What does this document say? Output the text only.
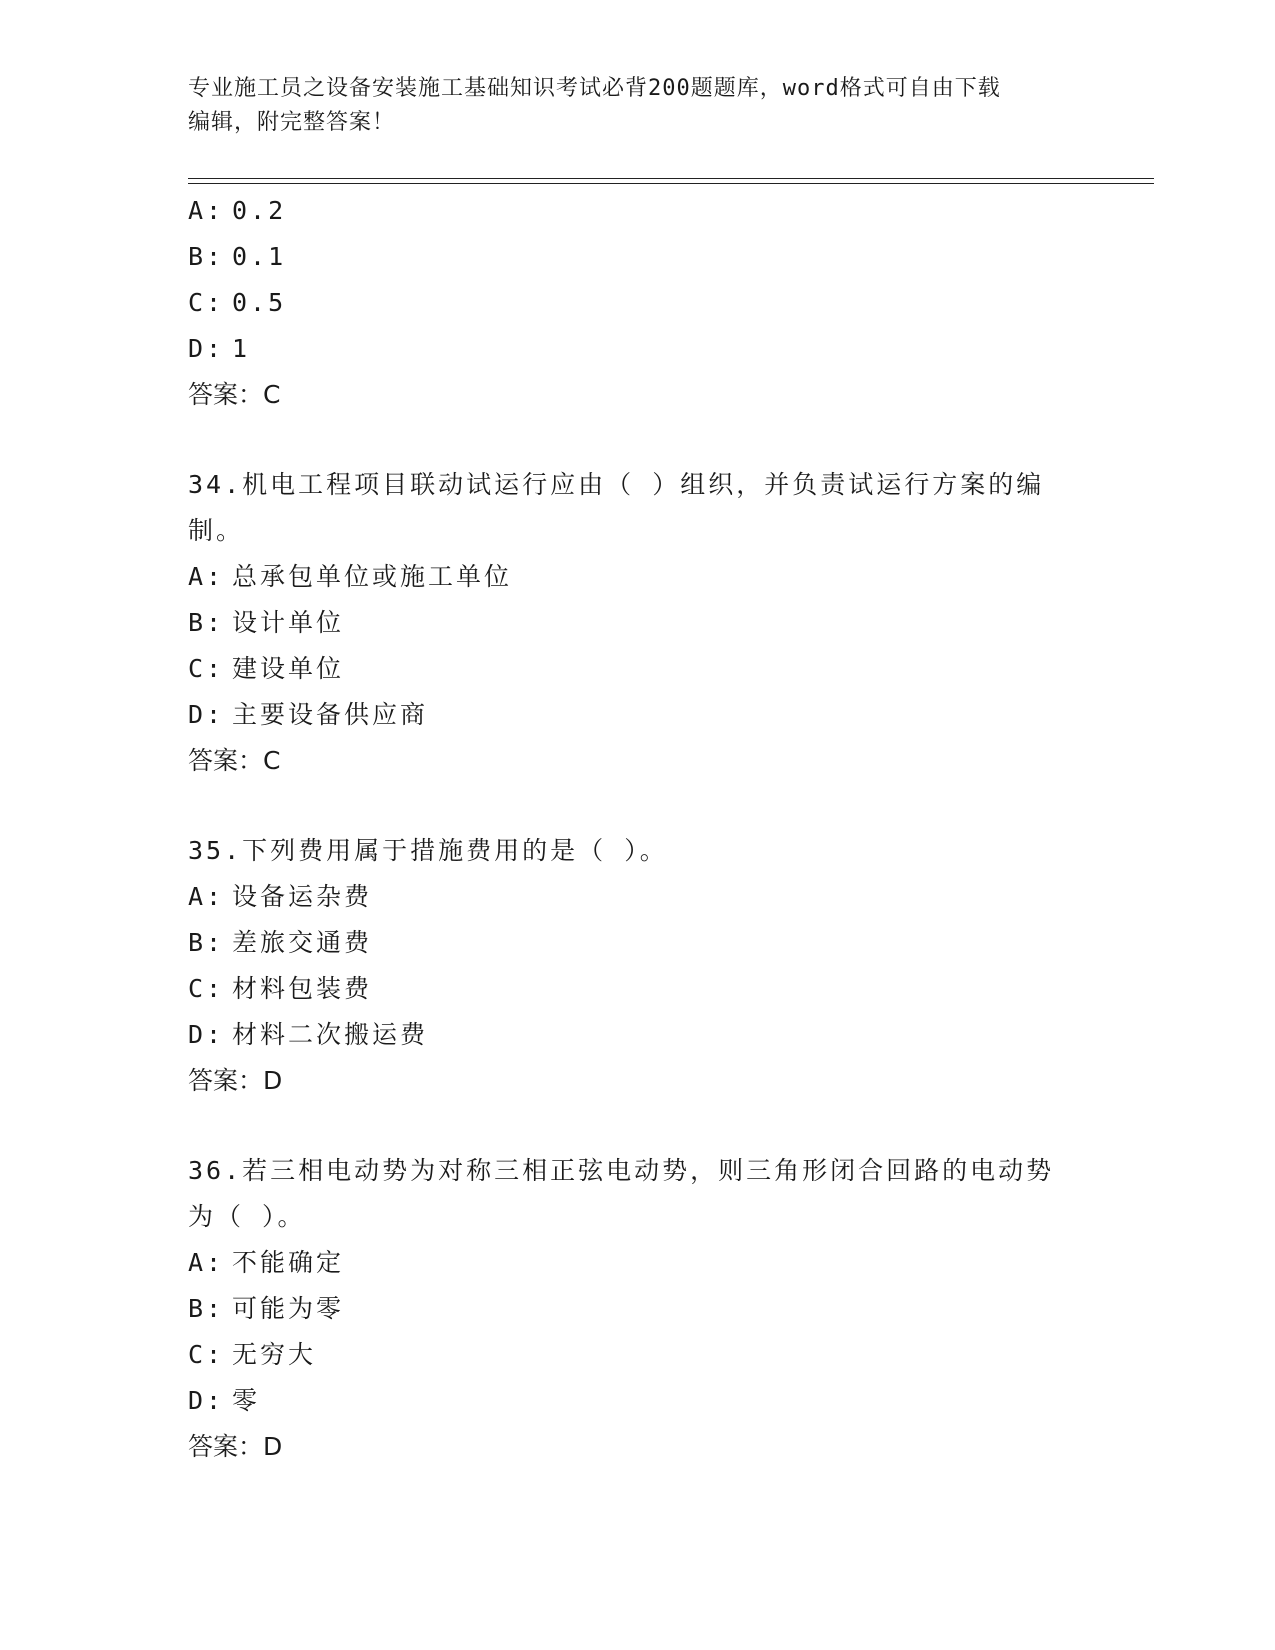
专业施工员之设备安装施工基础知识考试必背200题题库，word格式可自由下载
编辑，附完整答案！
A: 0.2
B: 0.1
C: 0.5
D: 1
答案：C
34.机电工程项目联动试运行应由（ ）组织，并负责试运行方案的编
制。
A: 总承包单位或施工单位
B: 设计单位
C: 建设单位
D: 主要设备供应商
答案：C
35.下列费用属于措施费用的是（ ）。
A: 设备运杂费
B: 差旅交通费
C: 材料包装费
D: 材料二次搬运费
答案：D
36.若三相电动势为对称三相正弦电动势，则三角形闭合回路的电动势
为（ ）。
A: 不能确定
B: 可能为零
C: 无穷大
D: 零
答案：D
